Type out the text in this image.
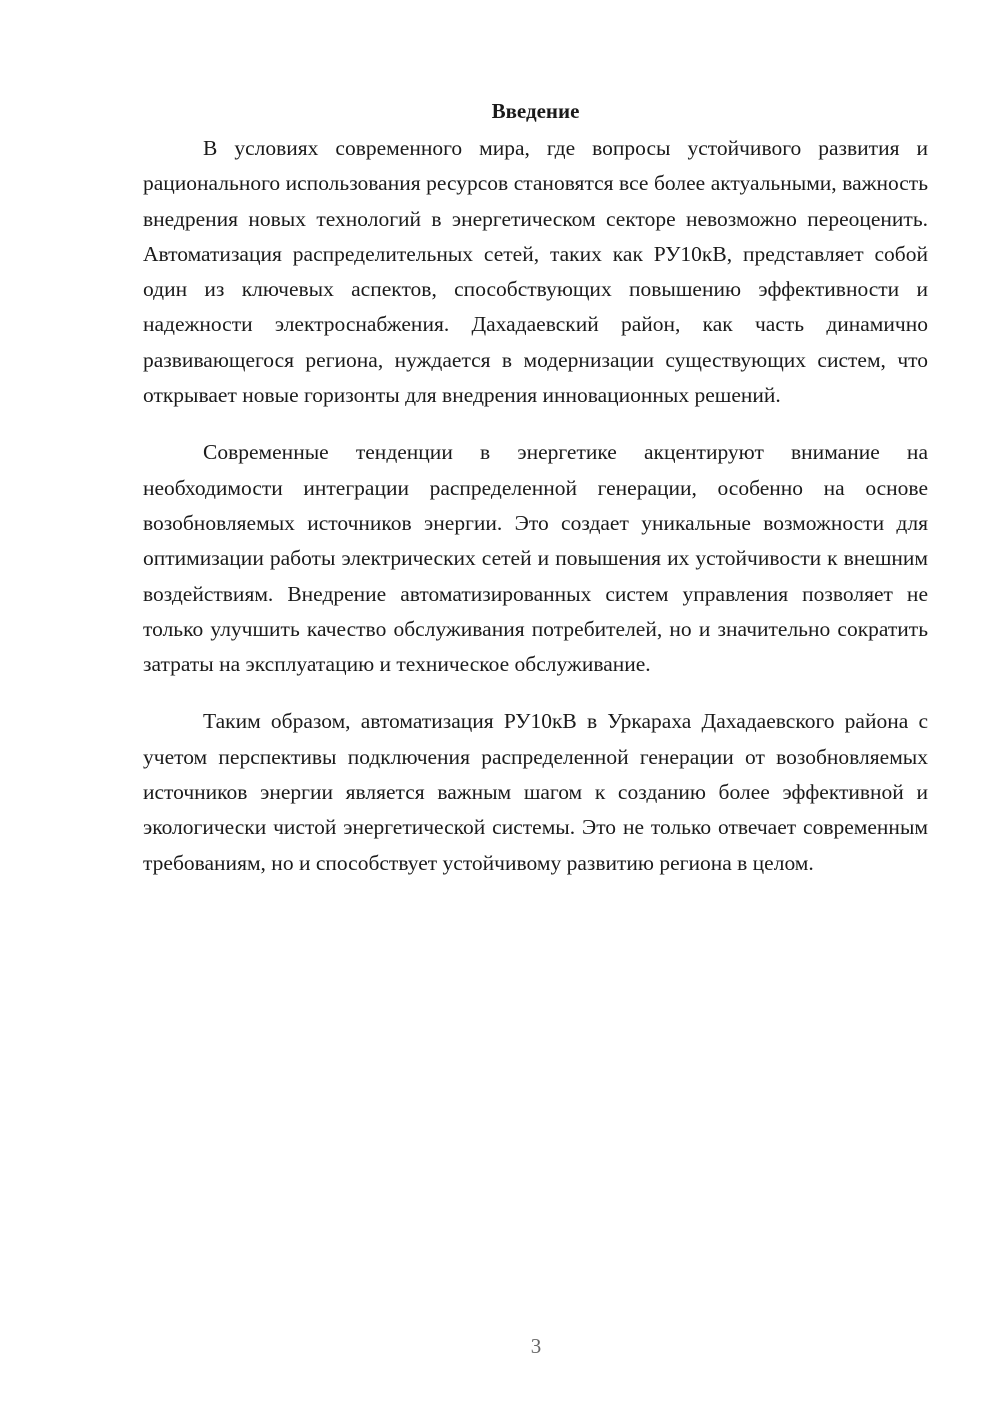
Введение

В условиях современного мира, где вопросы устойчивого развития и рационального использования ресурсов становятся все более актуальными, важность внедрения новых технологий в энергетическом секторе невозможно переоценить. Автоматизация распределительных сетей, таких как РУ10кВ, представляет собой один из ключевых аспектов, способствующих повышению эффективности и надежности электроснабжения. Дахадаевский район, как часть динамично развивающегося региона, нуждается в модернизации существующих систем, что открывает новые горизонты для внедрения инновационных решений.

Современные тенденции в энергетике акцентируют внимание на необходимости интеграции распределенной генерации, особенно на основе возобновляемых источников энергии. Это создает уникальные возможности для оптимизации работы электрических сетей и повышения их устойчивости к внешним воздействиям. Внедрение автоматизированных систем управления позволяет не только улучшить качество обслуживания потребителей, но и значительно сократить затраты на эксплуатацию и техническое обслуживание.

Таким образом, автоматизация РУ10кВ в Уркараха Дахадаевского района с учетом перспективы подключения распределенной генерации от возобновляемых источников энергии является важным шагом к созданию более эффективной и экологически чистой энергетической системы. Это не только отвечает современным требованиям, но и способствует устойчивому развитию региона в целом.

3
